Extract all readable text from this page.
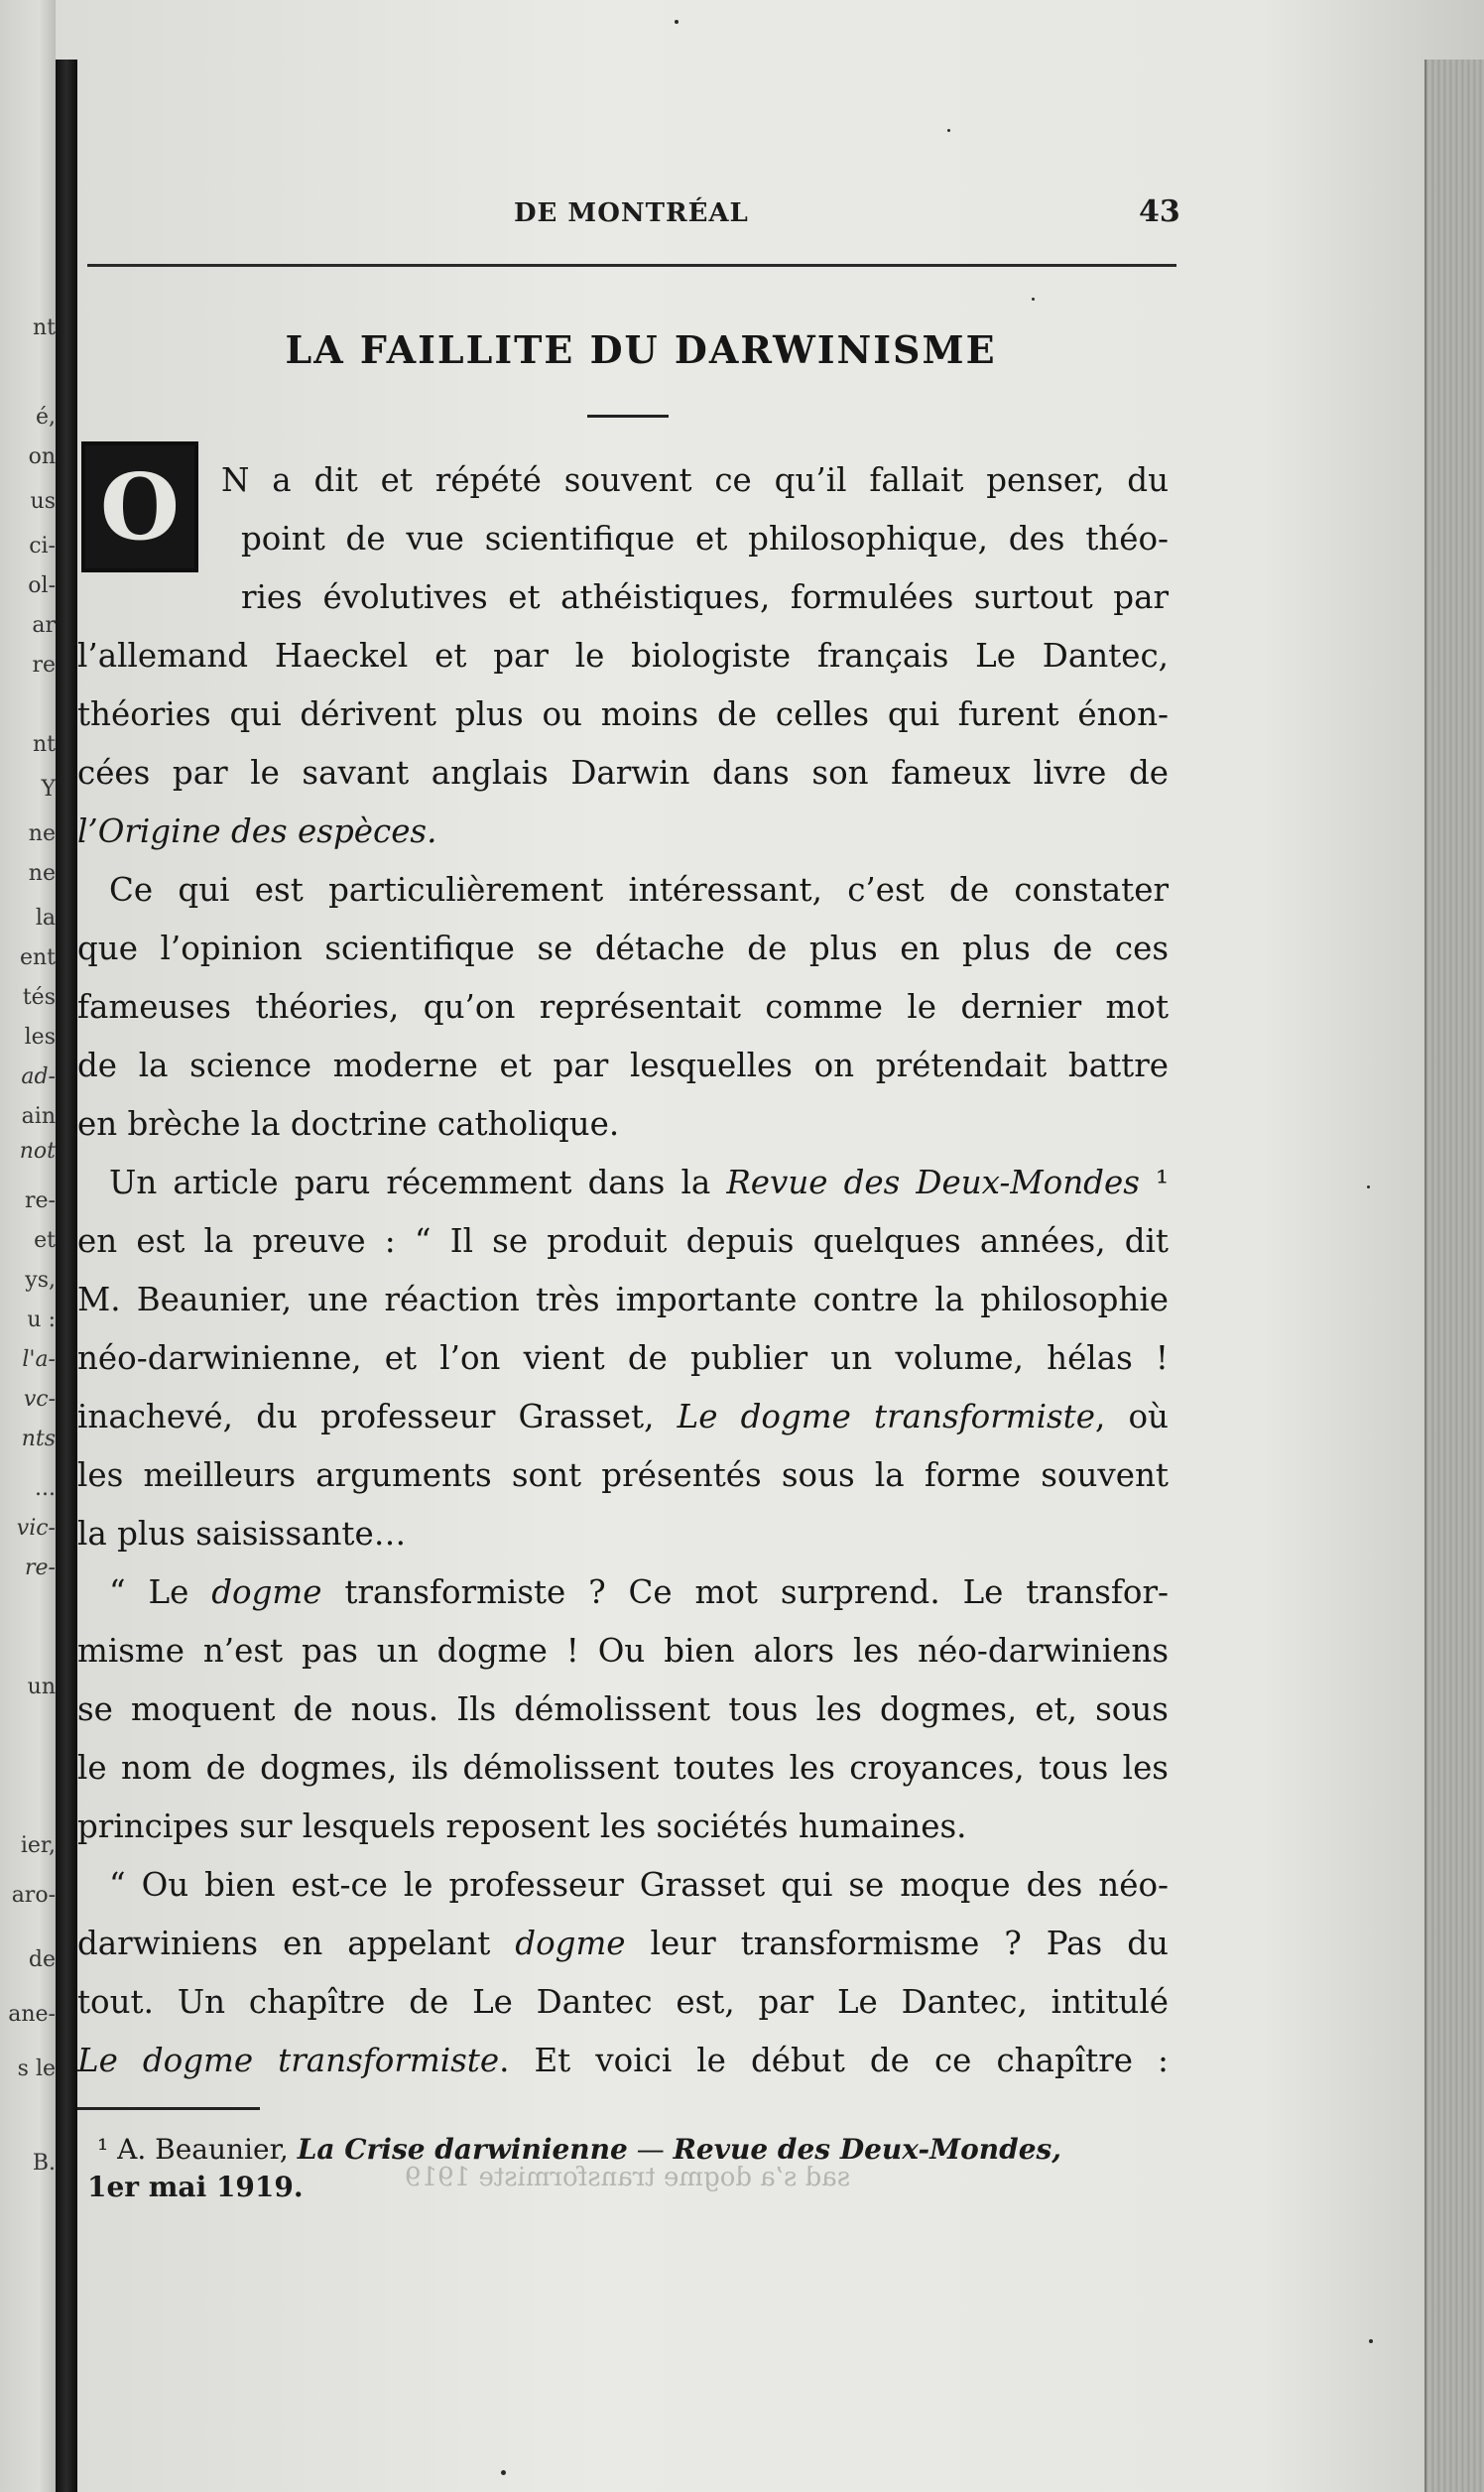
nt
é,
on
us
ci-
ol-
ar
re
nt
Y
ne
ne
la
ent
tés
les
ad-
ain
not
re-
et
ys,
u :
l'a-
vc-
nts
...
vic-
re-
un
ier,
aro-
de
ane-
s le
B.
DE MONTRÉAL	43
LA FAILLITE DU DARWINISME
O	N a dit et répété souvent ce qu’il fallait penser, du
point de vue scientifique et philosophique, des théo-
ries évolutives et athéistiques, formulées surtout par
l’allemand Haeckel et par le biologiste français Le Dantec,
théories qui dérivent plus ou moins de celles qui furent énon-
cées par le savant anglais Darwin dans son fameux livre de
l’Origine des espèces.
Ce qui est particulièrement intéressant, c’est de constater
que l’opinion scientifique se détache de plus en plus de ces
fameuses théories, qu’on représentait comme le dernier mot
de la science moderne et par lesquelles on prétendait battre
en brèche la doctrine catholique.
Un article paru récemment dans la Revue des Deux-Mondes ¹
en est la preuve : “ Il se produit depuis quelques années, dit
M. Beaunier, une réaction très importante contre la philosophie
néo-darwinienne, et l’on vient de publier un volume, hélas !
inachevé, du professeur Grasset, Le dogme transformiste, où
les meilleurs arguments sont présentés sous la forme souvent
la plus saisissante…
“ Le dogme transformiste ? Ce mot surprend. Le transfor-
misme n’est pas un dogme ! Ou bien alors les néo-darwiniens
se moquent de nous. Ils démolissent tous les dogmes, et, sous
le nom de dogmes, ils démolissent toutes les croyances, tous les
principes sur lesquels reposent les sociétés humaines.
“ Ou bien est-ce le professeur Grasset qui se moque des néo-
darwiniens en appelant dogme leur transformisme ? Pas du
tout. Un chapître de Le Dantec est, par Le Dantec, intitulé
Le dogme transformiste. Et voici le début de ce chapître :
¹ A. Beaunier, La Crise darwinienne — Revue des Deux-Mondes,
1er mai 1919.	sad s’a dogme transformiste 1919
